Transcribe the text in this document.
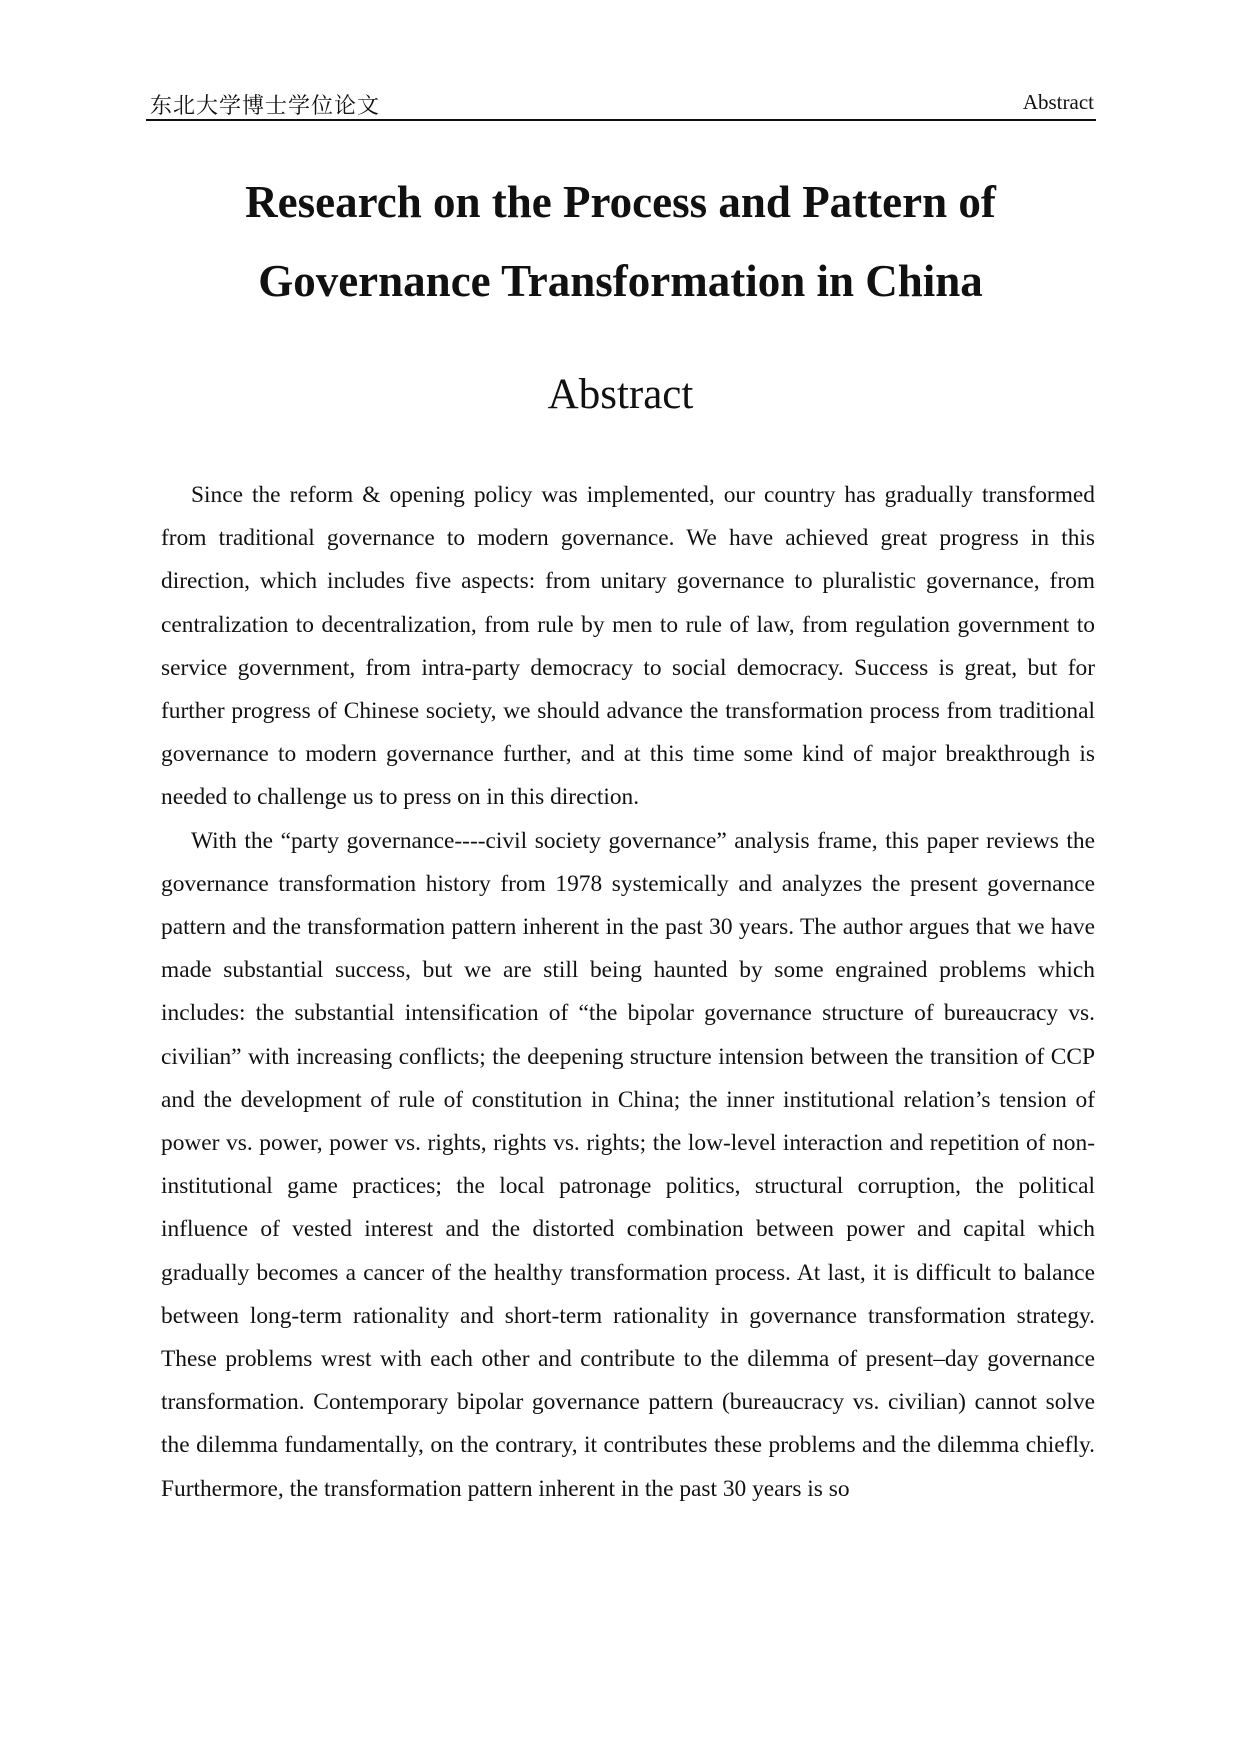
东北大学博士学位论文	Abstract
Research on the Process and Pattern of
Governance Transformation in China
Abstract

Since the reform & opening policy was implemented, our country has gradually transformed from traditional governance to modern governance. We have achieved great progress in this direction, which includes five aspects: from unitary governance to pluralistic governance, from centralization to decentralization, from rule by men to rule of law, from regulation government to service government, from intra-party democracy to social democracy. Success is great, but for further progress of Chinese society, we should advance the transformation process from traditional governance to modern governance further, and at this time some kind of major breakthrough is needed to challenge us to press on in this direction.

With the “party governance----civil society governance” analysis frame, this paper reviews the governance transformation history from 1978 systemically and analyzes the present governance pattern and the transformation pattern inherent in the past 30 years. The author argues that we have made substantial success, but we are still being haunted by some engrained problems which includes: the substantial intensification of “the bipolar governance structure of bureaucracy vs. civilian” with increasing conflicts; the deepening structure intension between the transition of CCP and the development of rule of constitution in China; the inner institutional relation’s tension of power vs. power, power vs. rights, rights vs. rights; the low-level interaction and repetition of non-institutional game practices; the local patronage politics, structural corruption, the political influence of vested interest and the distorted combination between power and capital which gradually becomes a cancer of the healthy transformation process. At last, it is difficult to balance between long-term rationality and short-term rationality in governance transformation strategy. These problems wrest with each other and contribute to the dilemma of present–day governance transformation. Contemporary bipolar governance pattern (bureaucracy vs. civilian) cannot solve the dilemma fundamentally, on the contrary, it contributes these problems and the dilemma chiefly. Furthermore, the transformation pattern inherent in the past 30 years is so
